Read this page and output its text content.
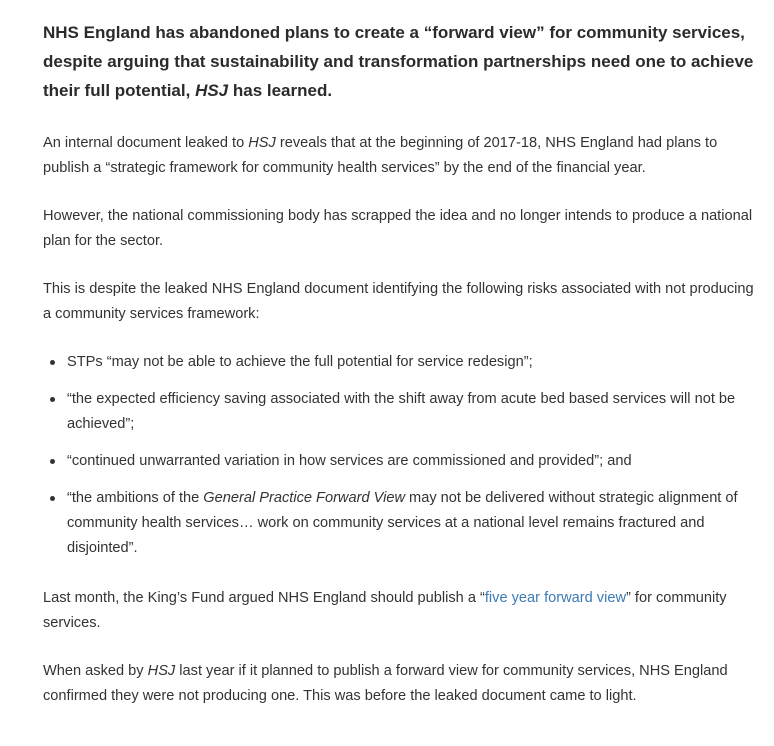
NHS England has abandoned plans to create a “forward view” for community services, despite arguing that sustainability and transformation partnerships need one to achieve their full potential, HSJ has learned.

An internal document leaked to HSJ reveals that at the beginning of 2017-18, NHS England had plans to publish a “strategic framework for community health services” by the end of the financial year.

However, the national commissioning body has scrapped the idea and no longer intends to produce a national plan for the sector.

This is despite the leaked NHS England document identifying the following risks associated with not producing a community services framework:

STPs “may not be able to achieve the full potential for service redesign”;
“the expected efficiency saving associated with the shift away from acute bed based services will not be achieved”;
“continued unwarranted variation in how services are commissioned and provided”; and
“the ambitions of the General Practice Forward View may not be delivered without strategic alignment of community health services… work on community services at a national level remains fractured and disjointed”.

Last month, the King’s Fund argued NHS England should publish a “five year forward view” for community services.

When asked by HSJ last year if it planned to publish a forward view for community services, NHS England confirmed they were not producing one. This was before the leaked document came to light.
